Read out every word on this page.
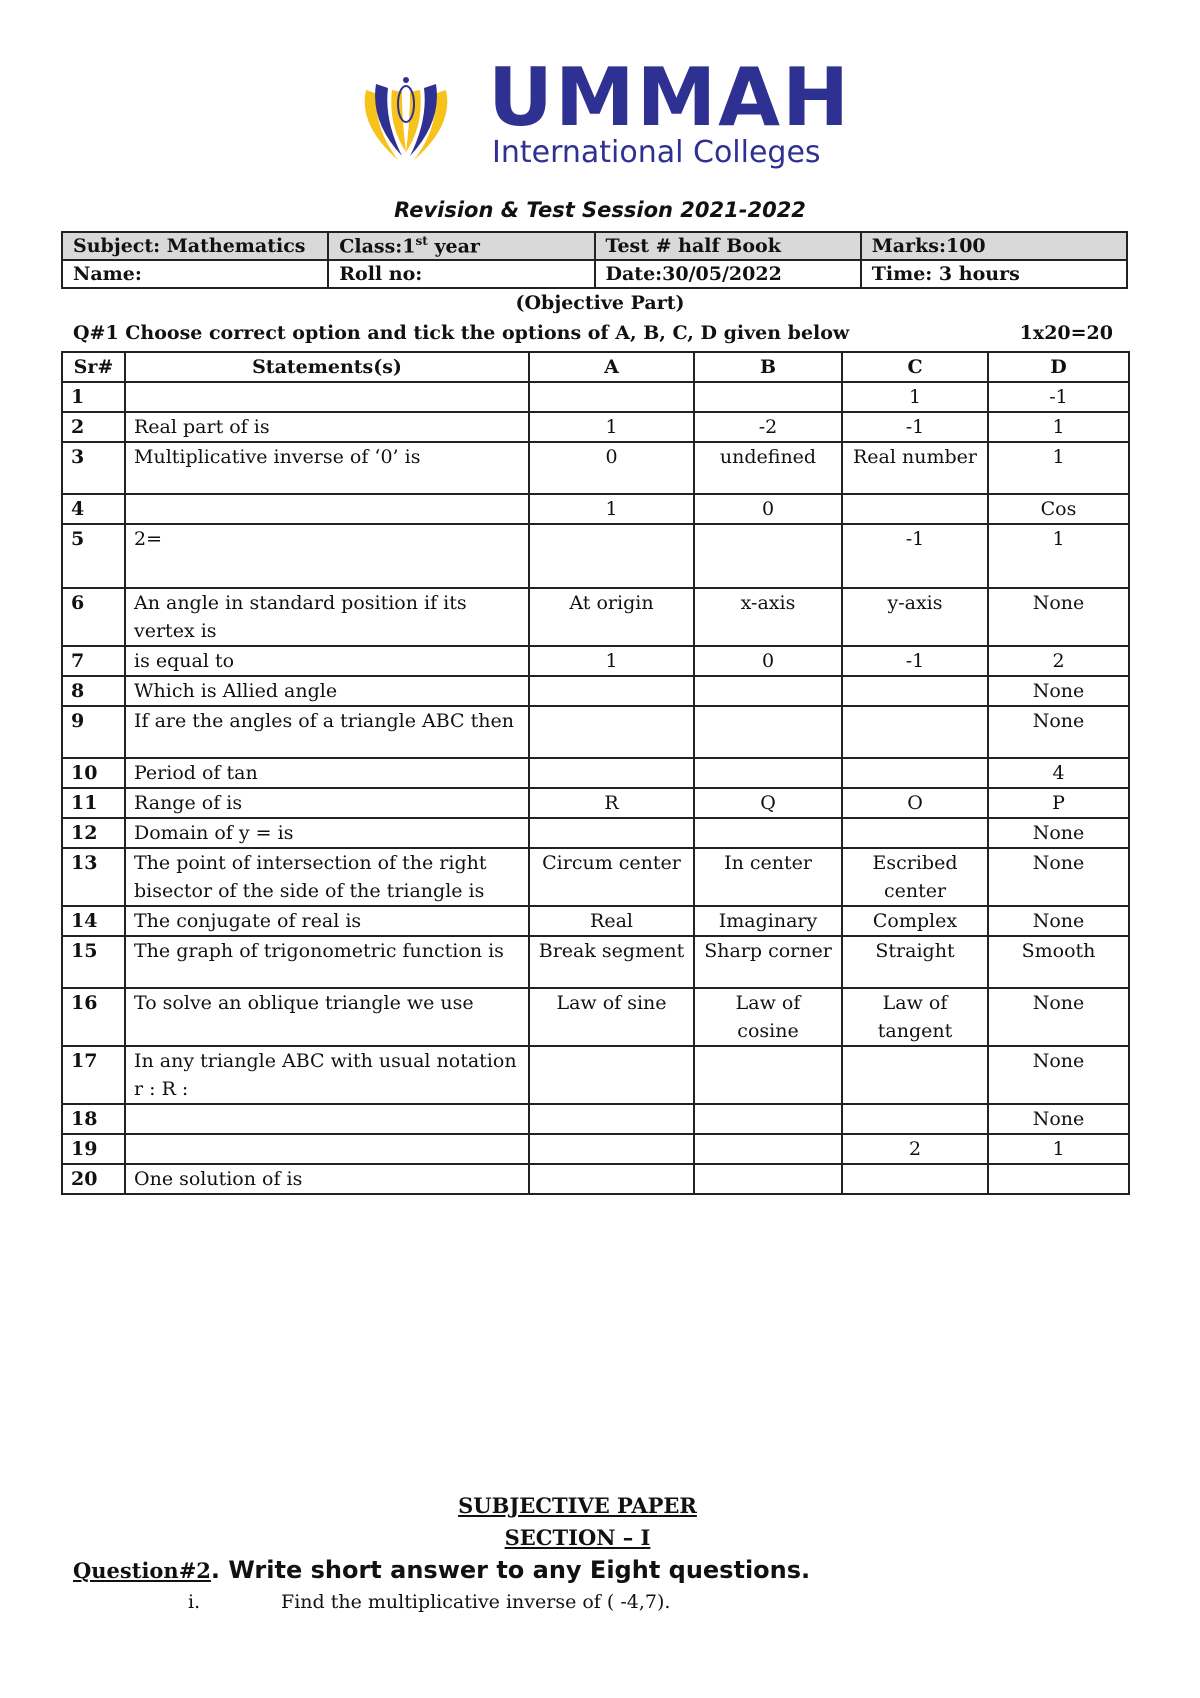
UMMAH
International Colleges
Revision & Test Session 2021-2022
Subject: Mathematics	Class:1st year	Test # half Book	Marks:100
Name:	Roll no:	Date:30/05/2022	Time: 3 hours
(Objective Part)
Q#1 Choose correct option and tick the options of A, B, C, D given below	1x20=20
Sr#	Statements(s)	A	B	C	D
1				1	-1
2	Real part of is	1	-2	-1	1
3	Multiplicative inverse of ‘0’ is	0	undefined	Real number	1
4		1	0		Cos
5	2=			-1	1
6	An angle in standard position if its vertex is	At origin	x-axis	y-axis	None
7	is equal to	1	0	-1	2
8	Which is Allied angle				None
9	If are the angles of a triangle ABC then				None
10	Period of tan				4
11	Range of is	R	Q	O	P
12	Domain of y = is				None
13	The point of intersection of the right bisector of the side of the triangle is	Circum center	In center	Escribed center	None
14	The conjugate of real is	Real	Imaginary	Complex	None
15	The graph of trigonometric function is	Break segment	Sharp corner	Straight	Smooth
16	To solve an oblique triangle we use	Law of sine	Law of cosine	Law of tangent	None
17	In any triangle ABC with usual notation r : R :				None
18					None
19				2	1
20	One solution of is				
SUBJECTIVE PAPER
SECTION – I
Question#2. Write short answer to any Eight questions.
i.	Find the multiplicative inverse of ( -4,7).
